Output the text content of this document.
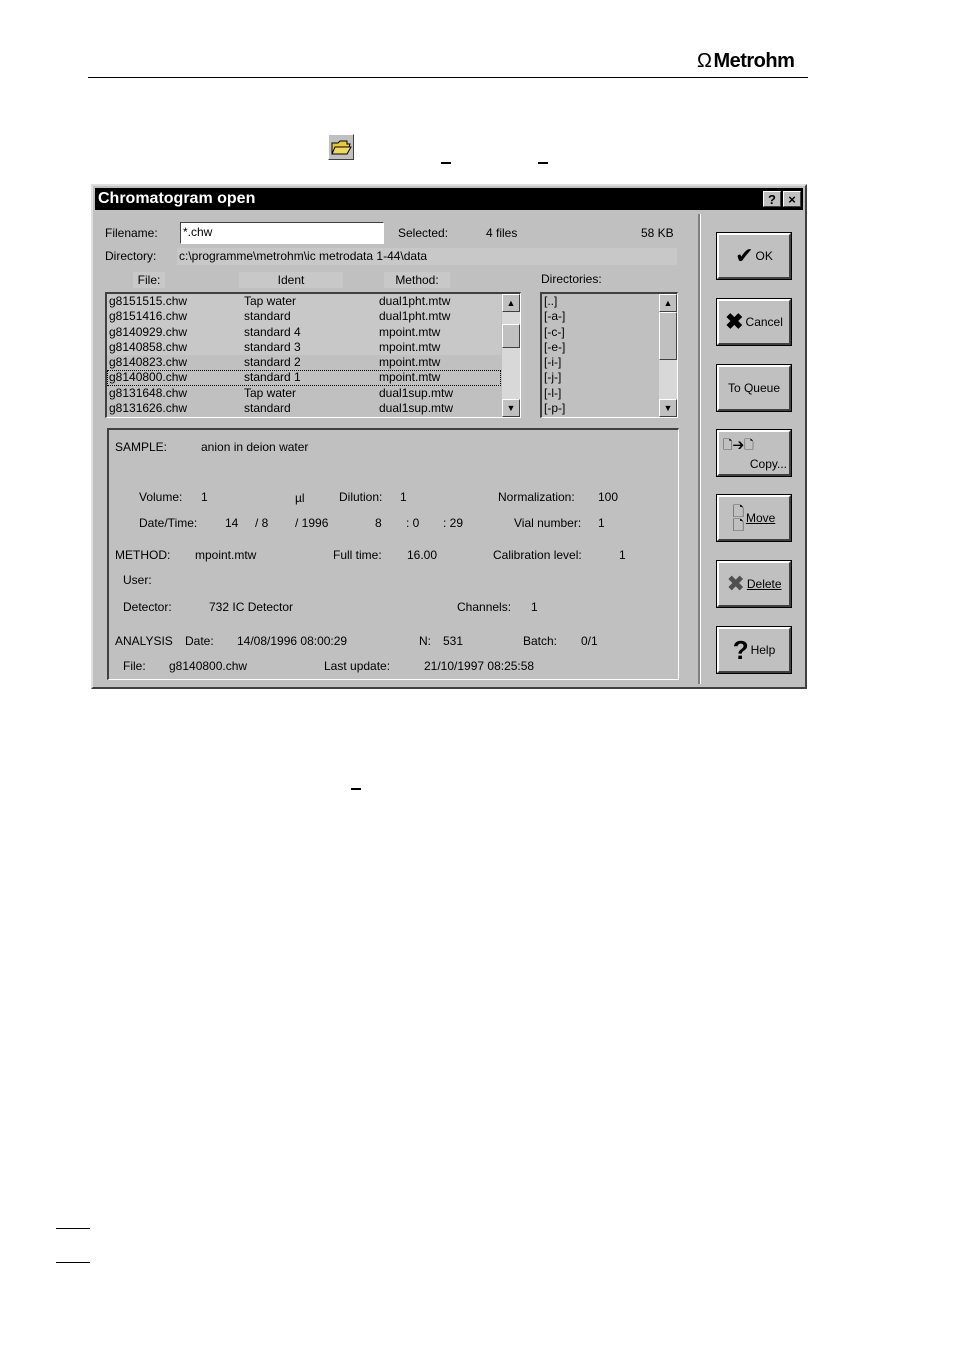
Ω Metrohm
Chromatogram open	? ×
Filename: *.chw	Selected:	4 files	58 KB
Directory: c:\programme\metrohm\ic metrodata 1-44\data
File:	Ident	Method:	Directories:
g8151515.chw	Tap water	dual1pht.mtw
g8151416.chw	standard	dual1pht.mtw
g8140929.chw	standard 4	mpoint.mtw
g8140858.chw	standard 3	mpoint.mtw
g8140823.chw	standard 2	mpoint.mtw
g8140800.chw	standard 1	mpoint.mtw
g8131648.chw	Tap water	dual1sup.mtw
g8131626.chw	standard	dual1sup.mtw
▲
▼
[..]
[-a-]
[-c-]
[-e-]
[-i-]
[-j-]
[-l-]
[-p-]
▲
▼
SAMPLE:	anion in deion water
Volume: 1	µl	Dilution: 1	Normalization: 100
Date/Time: 14 / 8 / 1996	8 : 0 : 29	Vial number: 1
METHOD: mpoint.mtw	Full time: 16.00	Calibration level:	1
User:
Detector:	732 IC Detector	Channels: 1
ANALYSIS Date: 14/08/1996 08:00:29	N: 531	Batch: 0/1
File: g8140800.chw	Last update:	21/10/1997 08:25:58
✔ OK
✖ Cancel
To Queue
🗋➔🗋
Copy...
🗋
🗋 Move
✖ Delete
? Help
